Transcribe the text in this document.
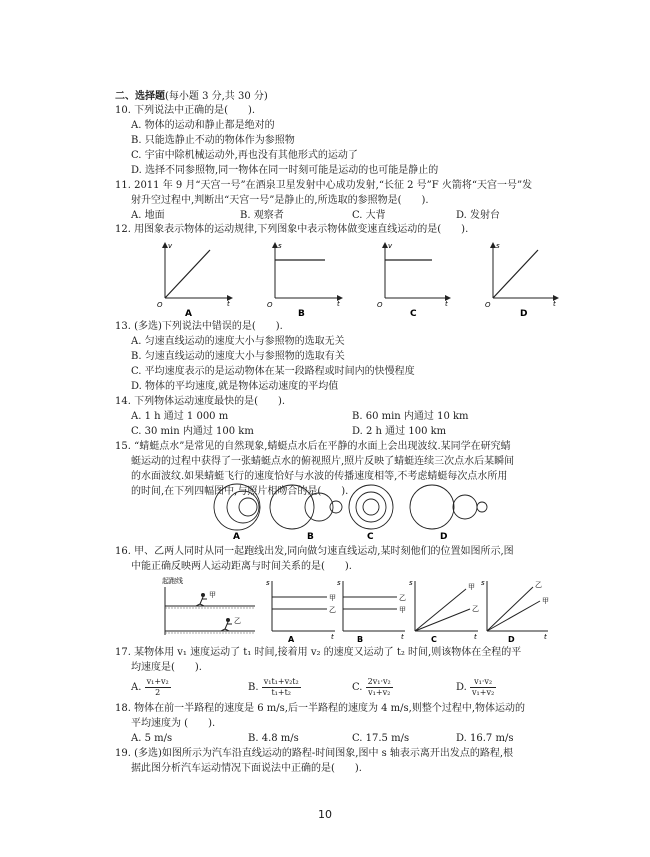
二、选择题(每小题 3 分,共 30 分)
10. 下列说法中正确的是(　　).
A. 物体的运动和静止都是绝对的
B. 只能选静止不动的物体作为参照物
C. 宇宙中除机械运动外,再也没有其他形式的运动了
D. 选择不同参照物,同一物体在同一时刻可能是运动的也可能是静止的
11. 2011 年 9 月“天宫一号”在酒泉卫星发射中心成功发射,“长征 2 号”F 火箭将“天宫一号”发
射升空过程中,判断出“天宫一号”是静止的,所选取的参照物是(　　).
A. 地面	B. 观察者	C. 大背	D. 发射台
12. 用图象表示物体的运动规律,下列图象中表示物体做变速直线运动的是(　　).
v
t
O
A
s
t
O
B
v
t
O
C
s
t
O
D
13. (多选)下列说法中错误的是(　　).
A. 匀速直线运动的速度大小与参照物的选取无关
B. 匀速直线运动的速度大小与参照物的选取有关
C. 平均速度表示的是运动物体在某一段路程或时间内的快慢程度
D. 物体的平均速度,就是物体运动速度的平均值
14. 下列物体运动速度最快的是(　　).
A. 1 h 通过 1 000 m	B. 60 min 内通过 10 km
C. 30 min 内通过 100 km	D. 2 h 通过 100 km
15. “蜻蜓点水”是常见的自然现象,蜻蜓点水后在平静的水面上会出现波纹.某同学在研究蜻
蜓运动的过程中获得了一张蜻蜓点水的俯视照片,照片反映了蜻蜓连续三次点水后某瞬间
的水面波纹.如果蜻蜓飞行的速度恰好与水波的传播速度相等,不考虑蜻蜓每次点水所用
的时间,在下列四幅图中,与照片相吻合的是(　　).
A	B	C	D
16. 甲、乙两人同时从同一起跑线出发,同向做匀速直线运动,某时刻他们的位置如图所示,图
中能正确反映两人运动距离与时间关系的是(　　).
起跑线
甲
乙
s
甲
乙
t
A
s
乙
甲
t
B
s	甲
乙
t
C
s	乙
甲
t
D
17. 某物体用 v₁ 速度运动了 t₁ 时间,接着用 v₂ 的速度又运动了 t₂ 时间,则该物体在全程的平
均速度是(　　).
A. $\frac{\text{v₁+v₂}}{2}$	B. $\frac{\text{v₁t₁+v₂t₂}}{\text{t₁+t₂}}$	C. $\frac{\text{2v₁·v₂}}{\text{v₁+v₂}}$	D. $\frac{\text{v₁·v₂}}{\text{v₁+v₂}}$
18. 物体在前一半路程的速度是 6 m/s,后一半路程的速度为 4 m/s,则整个过程中,物体运动的
平均速度为 (　　).
A. 5 m/s	B. 4.8 m/s	C. 17.5 m/s	D. 16.7 m/s
19. (多选)如图所示为汽车沿直线运动的路程-时间图象,图中 s 轴表示离开出发点的路程,根
据此图分析汽车运动情况下面说法中正确的是(　　).
10
